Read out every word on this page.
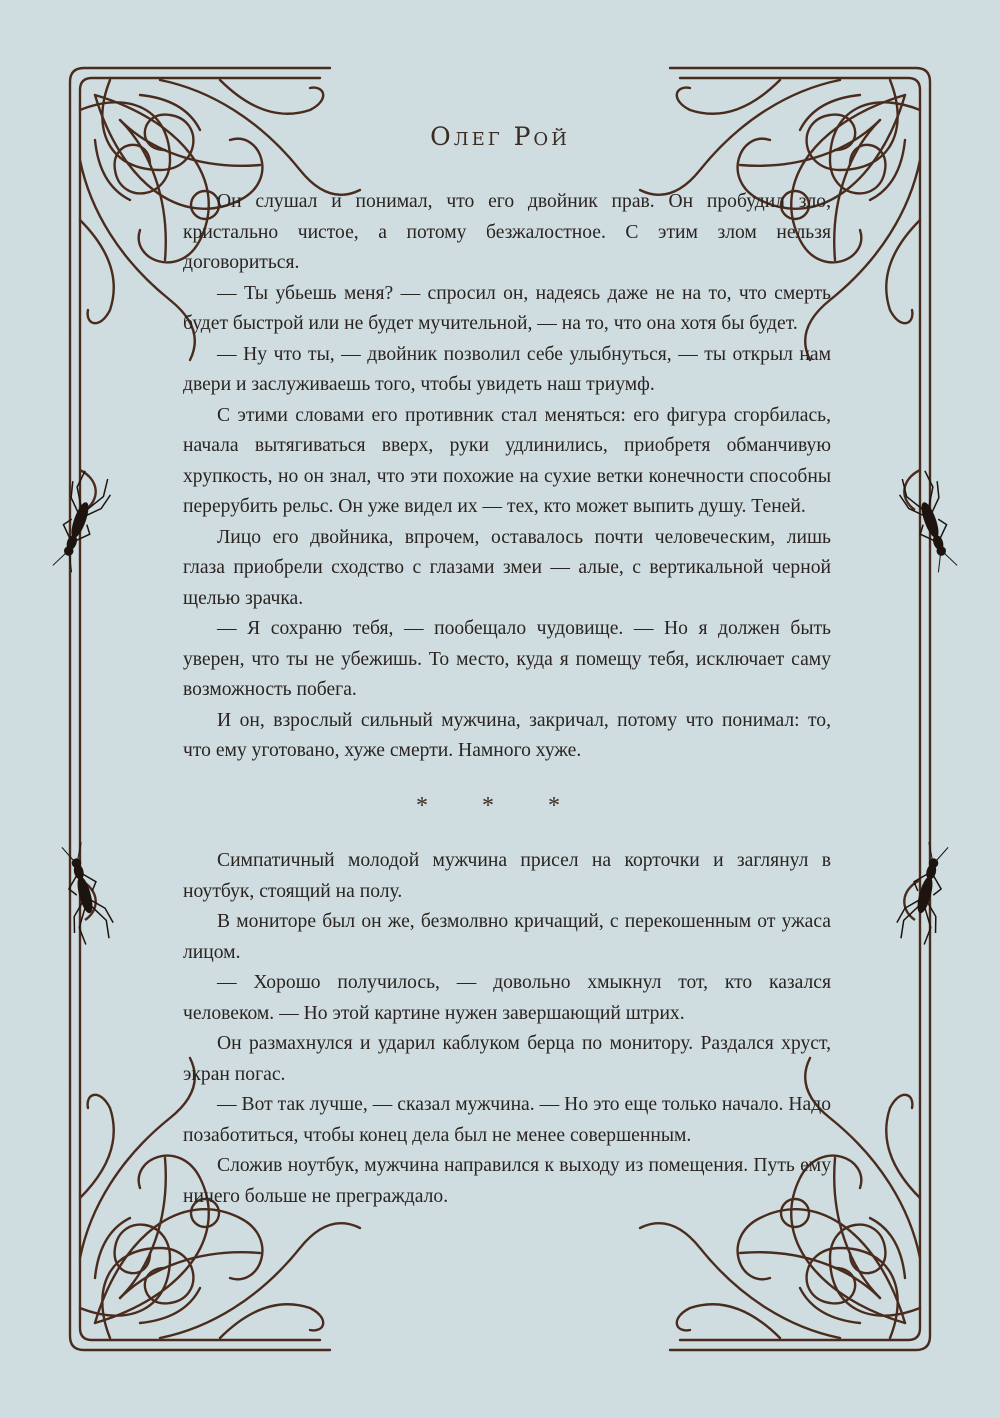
Олег Рой

Он слушал и понимал, что его двойник прав. Он пробудил зло, кристально чистое, а потому безжалостное. С этим злом нельзя договориться.

— Ты убьешь меня? — спросил он, надеясь даже не на то, что смерть будет быстрой или не будет мучительной, — на то, что она хотя бы будет.

— Ну что ты, — двойник позволил себе улыбнуться, — ты открыл нам двери и заслуживаешь того, чтобы увидеть наш триумф.

С этими словами его противник стал меняться: его фигура сгорбилась, начала вытягиваться вверх, руки удлинились, приобретя обманчивую хрупкость, но он знал, что эти похожие на сухие ветки конечности способны перерубить рельс. Он уже видел их — тех, кто может выпить душу. Теней.

Лицо его двойника, впрочем, оставалось почти человеческим, лишь глаза приобрели сходство с глазами змеи — алые, с вертикальной черной щелью зрачка.

— Я сохраню тебя, — пообещало чудовище. — Но я должен быть уверен, что ты не убежишь. То место, куда я помещу тебя, исключает саму возможность побега.

И он, взрослый сильный мужчина, закричал, потому что понимал: то, что ему уготовано, хуже смерти. Намного хуже.

* * *

Симпатичный молодой мужчина присел на корточки и заглянул в ноутбук, стоящий на полу.

В мониторе был он же, безмолвно кричащий, с перекошенным от ужаса лицом.

— Хорошо получилось, — довольно хмыкнул тот, кто казался человеком. — Но этой картине нужен завершающий штрих.

Он размахнулся и ударил каблуком берца по монитору. Раздался хруст, экран погас.

— Вот так лучше, — сказал мужчина. — Но это еще только начало. Надо позаботиться, чтобы конец дела был не менее совершенным.

Сложив ноутбук, мужчина направился к выходу из помещения. Путь ему ничего больше не преграждало.
